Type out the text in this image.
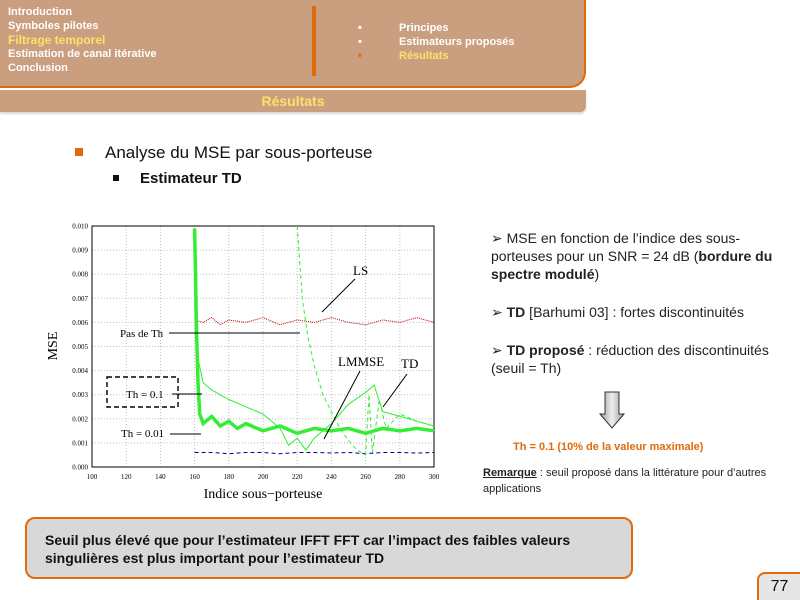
Introduction
Symboles pilotes
Filtrage temporel
Estimation de canal itérative
Conclusion
•	Principes
•	Estimateurs proposés
•	Résultats
Résultats
Analyse du MSE par sous-porteuse
Estimateur TD
100	120	140	160	180	200	220	240	260	280	300
0.000
0.001
0.002
0.003
0.004
0.005
0.006
0.007
0.008
0.009
0.010
Indice sous−porteuse
MSE
LS
Pas de Th
LMMSE TD
Th = 0.1
Th = 0.01
➢ MSE en fonction de l’indice des sous-porteuses pour un SNR = 24 dB (bordure du spectre modulé)
➢ TD [Barhumi 03] : fortes discontinuités
➢ TD proposé : réduction des discontinuités (seuil = Th)
Th = 0.1 (10% de la valeur maximale)
Remarque : seuil proposé dans la littérature pour d’autres applications
Seuil plus élevé que pour l’estimateur IFFT FFT car l’impact des faibles valeurs singulières est plus important pour l’estimateur TD
77
